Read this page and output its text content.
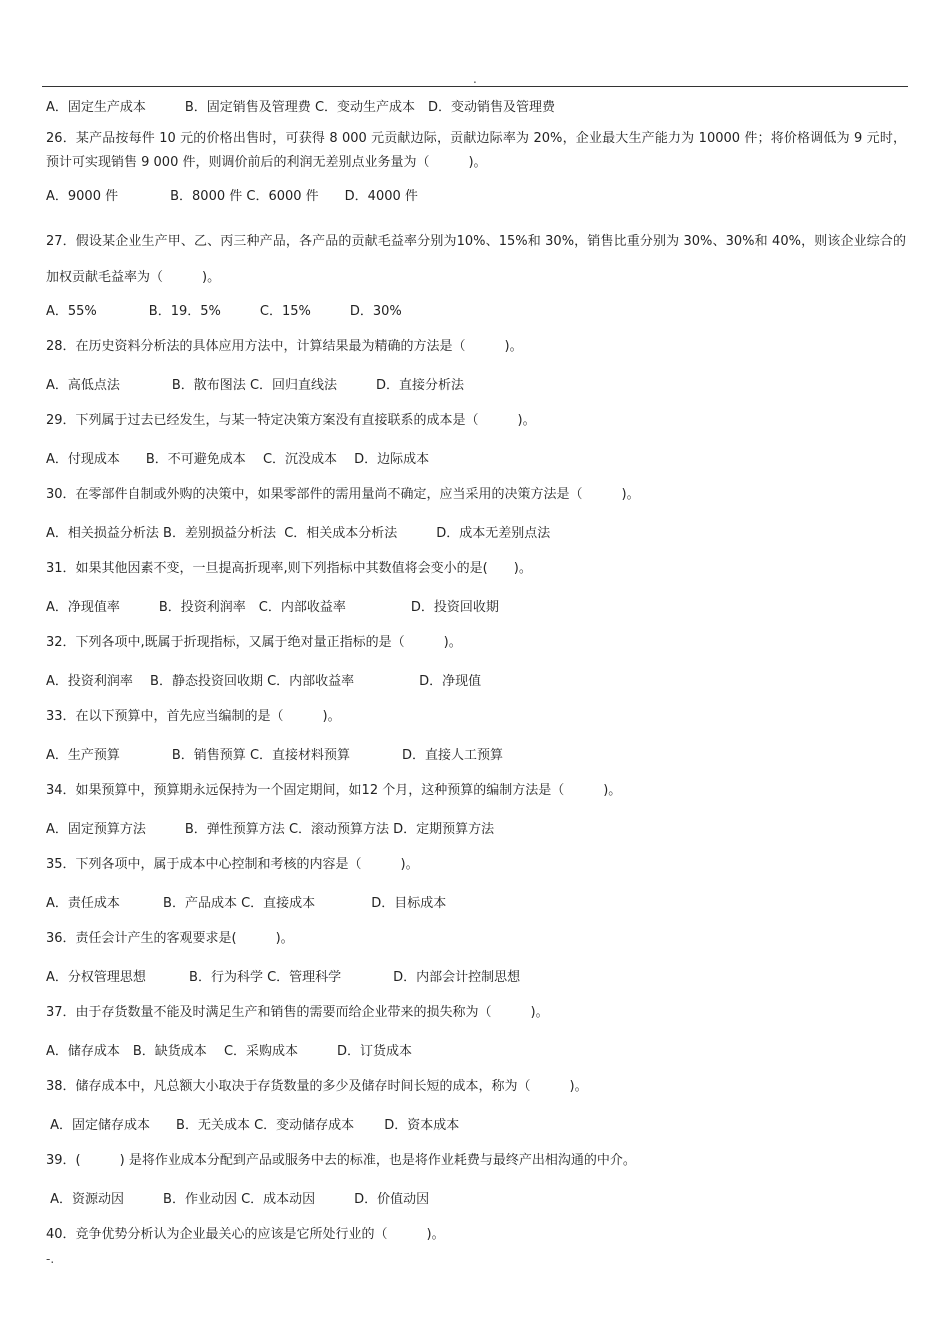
.

A．固定生产成本　　　B．固定销售及管理费 C．变动生产成本　D．变动销售及管理费

26．某产品按每件 10 元的价格出售时，可获得 8 000 元贡献边际，贡献边际率为 20%，企业最大生产能力为 10000 件；将价格调低为 9 元时，预计可实现销售 9 000 件，则调价前后的利润无差别点业务量为（　　　)。

A．9000 件　　　　B．8000 件 C．6000 件　　D．4000 件

27．假设某企业生产甲、乙、丙三种产品，各产品的贡献毛益率分别为10%、15%和 30%，销售比重分别为 30%、30%和 40%，则该企业综合的加权贡献毛益率为（　　　)。

A．55%　　　　B．19．5%　　　C．15%　　　D．30%

28．在历史资料分析法的具体应用方法中，计算结果最为精确的方法是（　　　)。

A．高低点法　　　　B．散布图法 C．回归直线法　　　D．直接分析法

29．下列属于过去已经发生，与某一特定决策方案没有直接联系的成本是（　　　)。

A．付现成本　　B．不可避免成本　 C．沉没成本　 D．边际成本

30．在零部件自制或外购的决策中，如果零部件的需用量尚不确定，应当采用的决策方法是（　　　)。

A．相关损益分析法 B．差别损益分析法  C．相关成本分析法　　　D．成本无差别点法

31．如果其他因素不变，一旦提高折现率,则下列指标中其数值将会变小的是(　　)。

A．净现值率　　　B．投资利润率　C．内部收益率　　　　　D．投资回收期

32．下列各项中,既属于折现指标，又属于绝对量正指标的是（　　　)。

A．投资利润率　 B．静态投资回收期 C．内部收益率　　　　　D．净现值

33．在以下预算中，首先应当编制的是（　　　)。

A．生产预算　　　　B．销售预算 C．直接材料预算　　　　D．直接人工预算

34．如果预算中，预算期永远保持为一个固定期间，如12 个月，这种预算的编制方法是（　　　)。

A．固定预算方法　　　B．弹性预算方法 C．滚动预算方法 D．定期预算方法

35．下列各项中，属于成本中心控制和考核的内容是（　　　)。

A．责任成本　　　 B．产品成本 C．直接成本　　　　 D．目标成本

36．责任会计产生的客观要求是(　　　)。

A．分权管理思想　　　 B．行为科学 C．管理科学　　　　D．内部会计控制思想

37．由于存货数量不能及时满足生产和销售的需要而给企业带来的损失称为（　　　)。

A．储存成本　B．缺货成本　 C．采购成本　　　D．订货成本

38．储存成本中，凡总额大小取决于存货数量的多少及储存时间长短的成本，称为（　　　)。

A．固定储存成本　　B．无关成本 C．变动储存成本　　 D．资本成本

39．(　　　) 是将作业成本分配到产品或服务中去的标准，也是将作业耗费与最终产出相沟通的中介。

A．资源动因　　　B．作业动因 C．成本动因　　　D．价值动因

40．竞争优势分析认为企业最关心的应该是它所处行业的（　　　)。

-.
